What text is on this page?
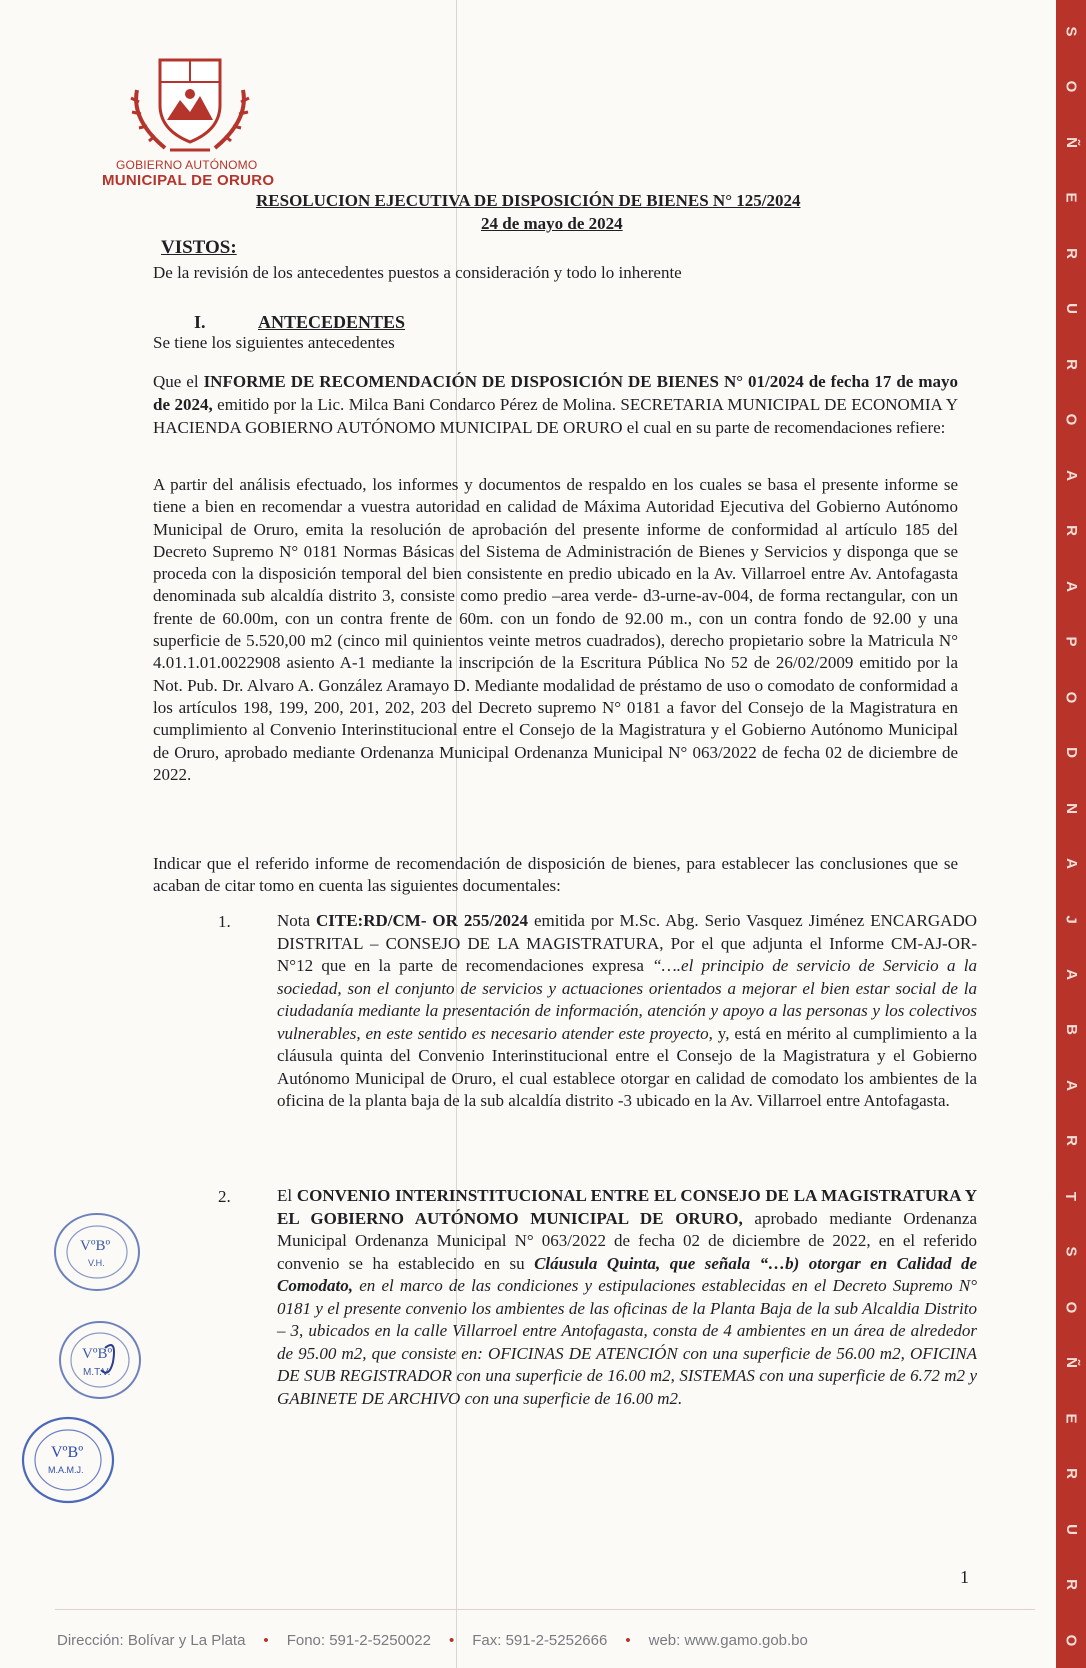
S
O
Ñ
E
R
U
R
O
A
R
A
P
O
D
N
A
J
A
B
A
R
T
S
O
Ñ
E
R
U
R
O
GOBIERNO AUTÓNOMO
MUNICIPAL DE ORURO
RESOLUCION EJECUTIVA DE DISPOSICIÓN DE BIENES N° 125/2024
24 de mayo de 2024
VISTOS:
De la revisión de los antecedentes puestos a consideración y todo lo inherente
I.	ANTECEDENTES
Se tiene los siguientes antecedentes
Que el INFORME DE RECOMENDACIÓN DE DISPOSICIÓN DE BIENES N° 01/2024 de fecha 17 de mayo de 2024, emitido por la Lic. Milca Bani Condarco Pérez de Molina. SECRETARIA MUNICIPAL DE ECONOMIA Y HACIENDA GOBIERNO AUTÓNOMO MUNICIPAL DE ORURO el cual en su parte de recomendaciones refiere:
A partir del análisis efectuado, los informes y documentos de respaldo en los cuales se basa el presente informe se tiene a bien en recomendar a vuestra autoridad en calidad de Máxima Autoridad Ejecutiva del Gobierno Autónomo Municipal de Oruro, emita la resolución de aprobación del presente informe de conformidad al artículo 185 del Decreto Supremo N° 0181 Normas Básicas del Sistema de Administración de Bienes y Servicios y disponga que se proceda con la disposición temporal del bien consistente en predio ubicado en la Av. Villarroel entre Av. Antofagasta denominada sub alcaldía distrito 3, consiste como predio –area verde- d3-urne-av-004, de forma rectangular, con un frente de 60.00m, con un contra frente de 60m. con un fondo de 92.00 m., con un contra fondo de 92.00 y una superficie de 5.520,00 m2 (cinco mil quinientos veinte metros cuadrados), derecho propietario sobre la Matricula N° 4.01.1.01.0022908 asiento A-1 mediante la inscripción de la Escritura Pública No 52 de 26/02/2009 emitido por la Not. Pub. Dr. Alvaro A. González Aramayo D. Mediante modalidad de préstamo de uso o comodato de conformidad a los artículos 198, 199, 200, 201, 202, 203 del Decreto supremo N° 0181 a favor del Consejo de la Magistratura en cumplimiento al Convenio Interinstitucional entre el Consejo de la Magistratura y el Gobierno Autónomo Municipal de Oruro, aprobado mediante Ordenanza Municipal Ordenanza Municipal N° 063/2022 de fecha 02 de diciembre de 2022.
Indicar que el referido informe de recomendación de disposición de bienes, para establecer las conclusiones que se acaban de citar tomo en cuenta las siguientes documentales:
1.	Nota CITE:RD/CM- OR 255/2024 emitida por M.Sc. Abg. Serio Vasquez Jiménez ENCARGADO DISTRITAL – CONSEJO DE LA MAGISTRATURA, Por el que adjunta el Informe CM-AJ-OR-N°12 que en la parte de recomendaciones expresa “….el principio de servicio de Servicio a la sociedad, son el conjunto de servicios y actuaciones orientados a mejorar el bien estar social de la ciudadanía mediante la presentación de información, atención y apoyo a las personas y los colectivos vulnerables, en este sentido es necesario atender este proyecto, y, está en mérito al cumplimiento a la cláusula quinta del Convenio Interinstitucional entre el Consejo de la Magistratura y el Gobierno Autónomo Municipal de Oruro, el cual establece otorgar en calidad de comodato los ambientes de la oficina de la planta baja de la sub alcaldía distrito -3 ubicado en la Av. Villarroel entre Antofagasta.
2.	El CONVENIO INTERINSTITUCIONAL ENTRE EL CONSEJO DE LA MAGISTRATURA Y EL GOBIERNO AUTÓNOMO MUNICIPAL DE ORURO, aprobado mediante Ordenanza Municipal Ordenanza Municipal N° 063/2022 de fecha 02 de diciembre de 2022, en el referido convenio se ha establecido en su Cláusula Quinta, que señala “…b) otorgar en Calidad de Comodato, en el marco de las condiciones y estipulaciones establecidas en el Decreto Supremo N° 0181 y el presente convenio los ambientes de las oficinas de la Planta Baja de la sub Alcaldia Distrito – 3, ubicados en la calle Villarroel entre Antofagasta, consta de 4 ambientes en un área de alrededor de 95.00 m2, que consiste en: OFICINAS DE ATENCIÓN con una superficie de 56.00 m2, OFICINA DE SUB REGISTRADOR con una superficie de 16.00 m2, SISTEMAS con una superficie de 6.72 m2 y GABINETE DE ARCHIVO con una superficie de 16.00 m2.
VºBº
V.H.
VºBº
M.T.V.
VºBº
M.A.M.J.
1
Dirección: Bolívar y La Plata • Fono: 591-2-5250022 • Fax: 591-2-5252666 • web: www.gamo.gob.bo
